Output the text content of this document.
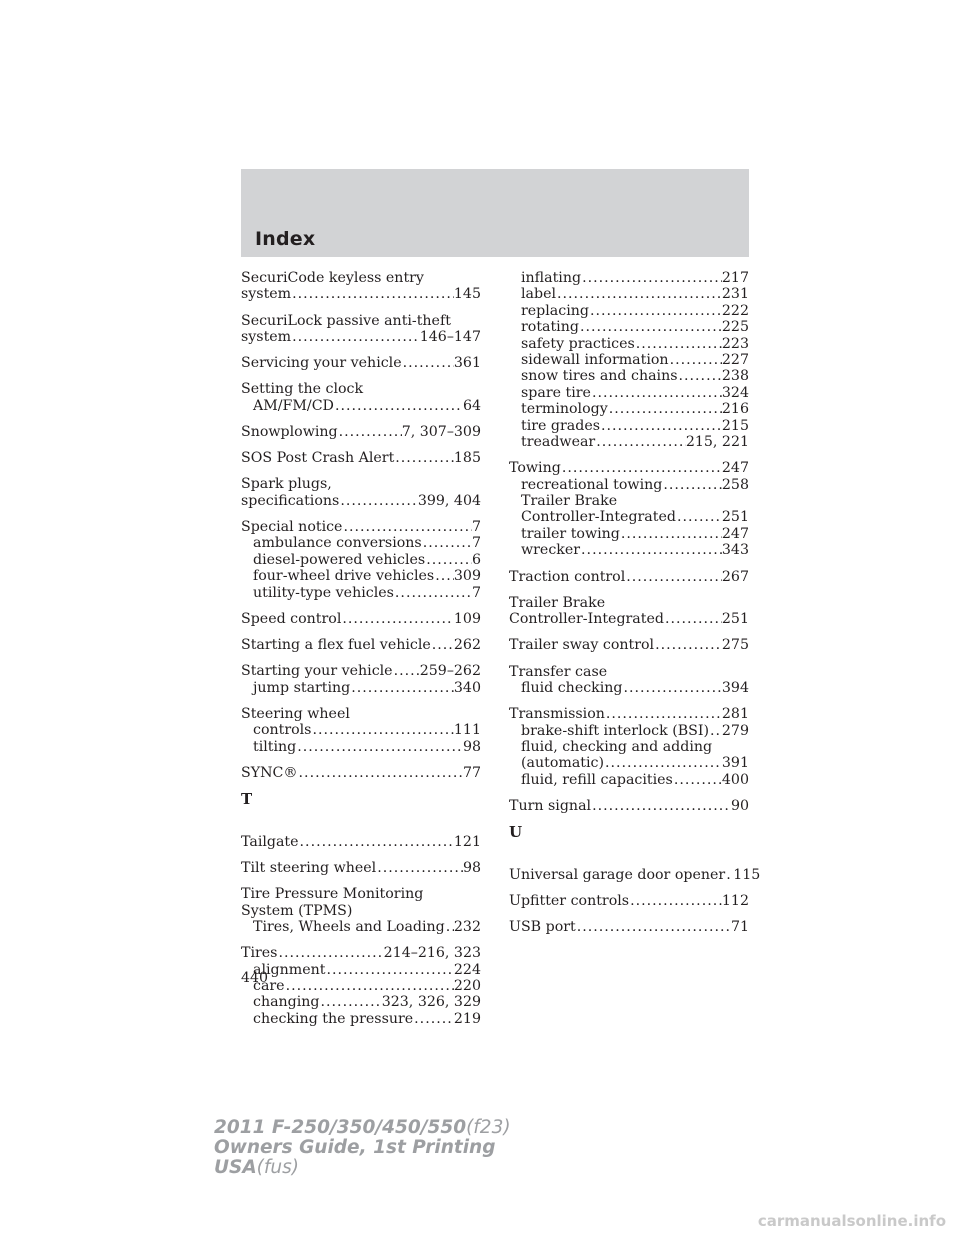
Index
SecuriCode keyless entry
system .....	145
SecuriLock passive anti-theft
system .....	146–147
Servicing your vehicle .....	361
Setting the clock
AM/FM/CD .....	64
Snowplowing .....	7, 307–309
SOS Post Crash Alert .....	185
Spark plugs,
specifications .....	399, 404
Special notice .....	7
ambulance conversions .....	7
diesel-powered vehicles .....	6
four-wheel drive vehicles ..... 309
utility-type vehicles .....	7
Speed control .....	109
Starting a flex fuel vehicle ..... 262
Starting your vehicle ..... 259–262
jump starting .....	340
Steering wheel
controls .....	111
tilting .....	98
SYNC® .....	77
T
Tailgate .....	121
Tilt steering wheel .....	98
Tire Pressure Monitoring
System (TPMS)
Tires, Wheels and Loading ..... 232
Tires .....	214–216, 323
alignment .....	224
care .....	220
changing .....	323, 326, 329
checking the pressure .....	219
inflating .....	217
label .....	231
replacing .....	222
rotating .....	225
safety practices .....	223
sidewall information .....	227
snow tires and chains .....	238
spare tire .....	324
terminology .....	216
tire grades .....	215
treadwear .....	215, 221
Towing .....	247
recreational towing .....	258
Trailer Brake
Controller-Integrated .....	251
trailer towing .....	247
wrecker .....	343
Traction control .....	267
Trailer Brake
Controller-Integrated .....	251
Trailer sway control .....	275
Transfer case
fluid checking .....	394
Transmission .....	281
brake-shift interlock (BSI) ..... 279
fluid, checking and adding
(automatic) .....	391
fluid, refill capacities .....	400
Turn signal .....	90
U
Universal garage door opener ..... 115
Upfitter controls .....	112
USB port .....	71
440
2011 F-250/350/450/550(f23)
Owners Guide, 1st Printing
USA(fus)
carmanualsonline.info
